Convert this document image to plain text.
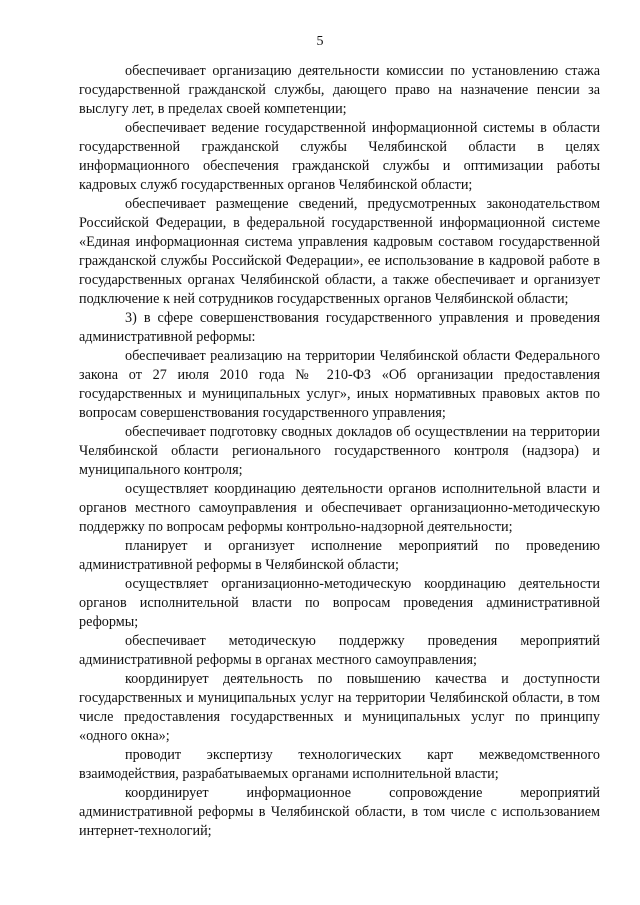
5

обеспечивает организацию деятельности комиссии по установлению стажа государственной гражданской службы, дающего право на назначение пенсии за выслугу лет, в пределах своей компетенции;

обеспечивает ведение государственной информационной системы в области государственной гражданской службы Челябинской области в целях информационного обеспечения гражданской службы и оптимизации работы кадровых служб государственных органов Челябинской области;

обеспечивает размещение сведений, предусмотренных законодательством Российской Федерации, в федеральной государственной информационной системе «Единая информационная система управления кадровым составом государственной гражданской службы Российской Федерации», ее использование в кадровой работе в государственных органах Челябинской области, а также обеспечивает и организует подключение к ней сотрудников государственных органов Челябинской области;

3) в сфере совершенствования государственного управления и проведения административной реформы:

обеспечивает реализацию на территории Челябинской области Федерального закона от 27 июля 2010 года № 210-ФЗ «Об организации предоставления государственных и муниципальных услуг», иных нормативных правовых актов по вопросам совершенствования государственного управления;

обеспечивает подготовку сводных докладов об осуществлении на территории Челябинской области регионального государственного контроля (надзора) и муниципального контроля;

осуществляет координацию деятельности органов исполнительной власти и органов местного самоуправления и обеспечивает организационно-методическую поддержку по вопросам реформы контрольно-надзорной деятельности;

планирует и организует исполнение мероприятий по проведению административной реформы в Челябинской области;

осуществляет организационно-методическую координацию деятельности органов исполнительной власти по вопросам проведения административной реформы;

обеспечивает методическую поддержку проведения мероприятий административной реформы в органах местного самоуправления;

координирует деятельность по повышению качества и доступности государственных и муниципальных услуг на территории Челябинской области, в том числе предоставления государственных и муниципальных услуг по принципу «одного окна»;

проводит экспертизу технологических карт межведомственного взаимодействия, разрабатываемых органами исполнительной власти;

координирует информационное сопровождение мероприятий административной реформы в Челябинской области, в том числе с использованием интернет-технологий;
